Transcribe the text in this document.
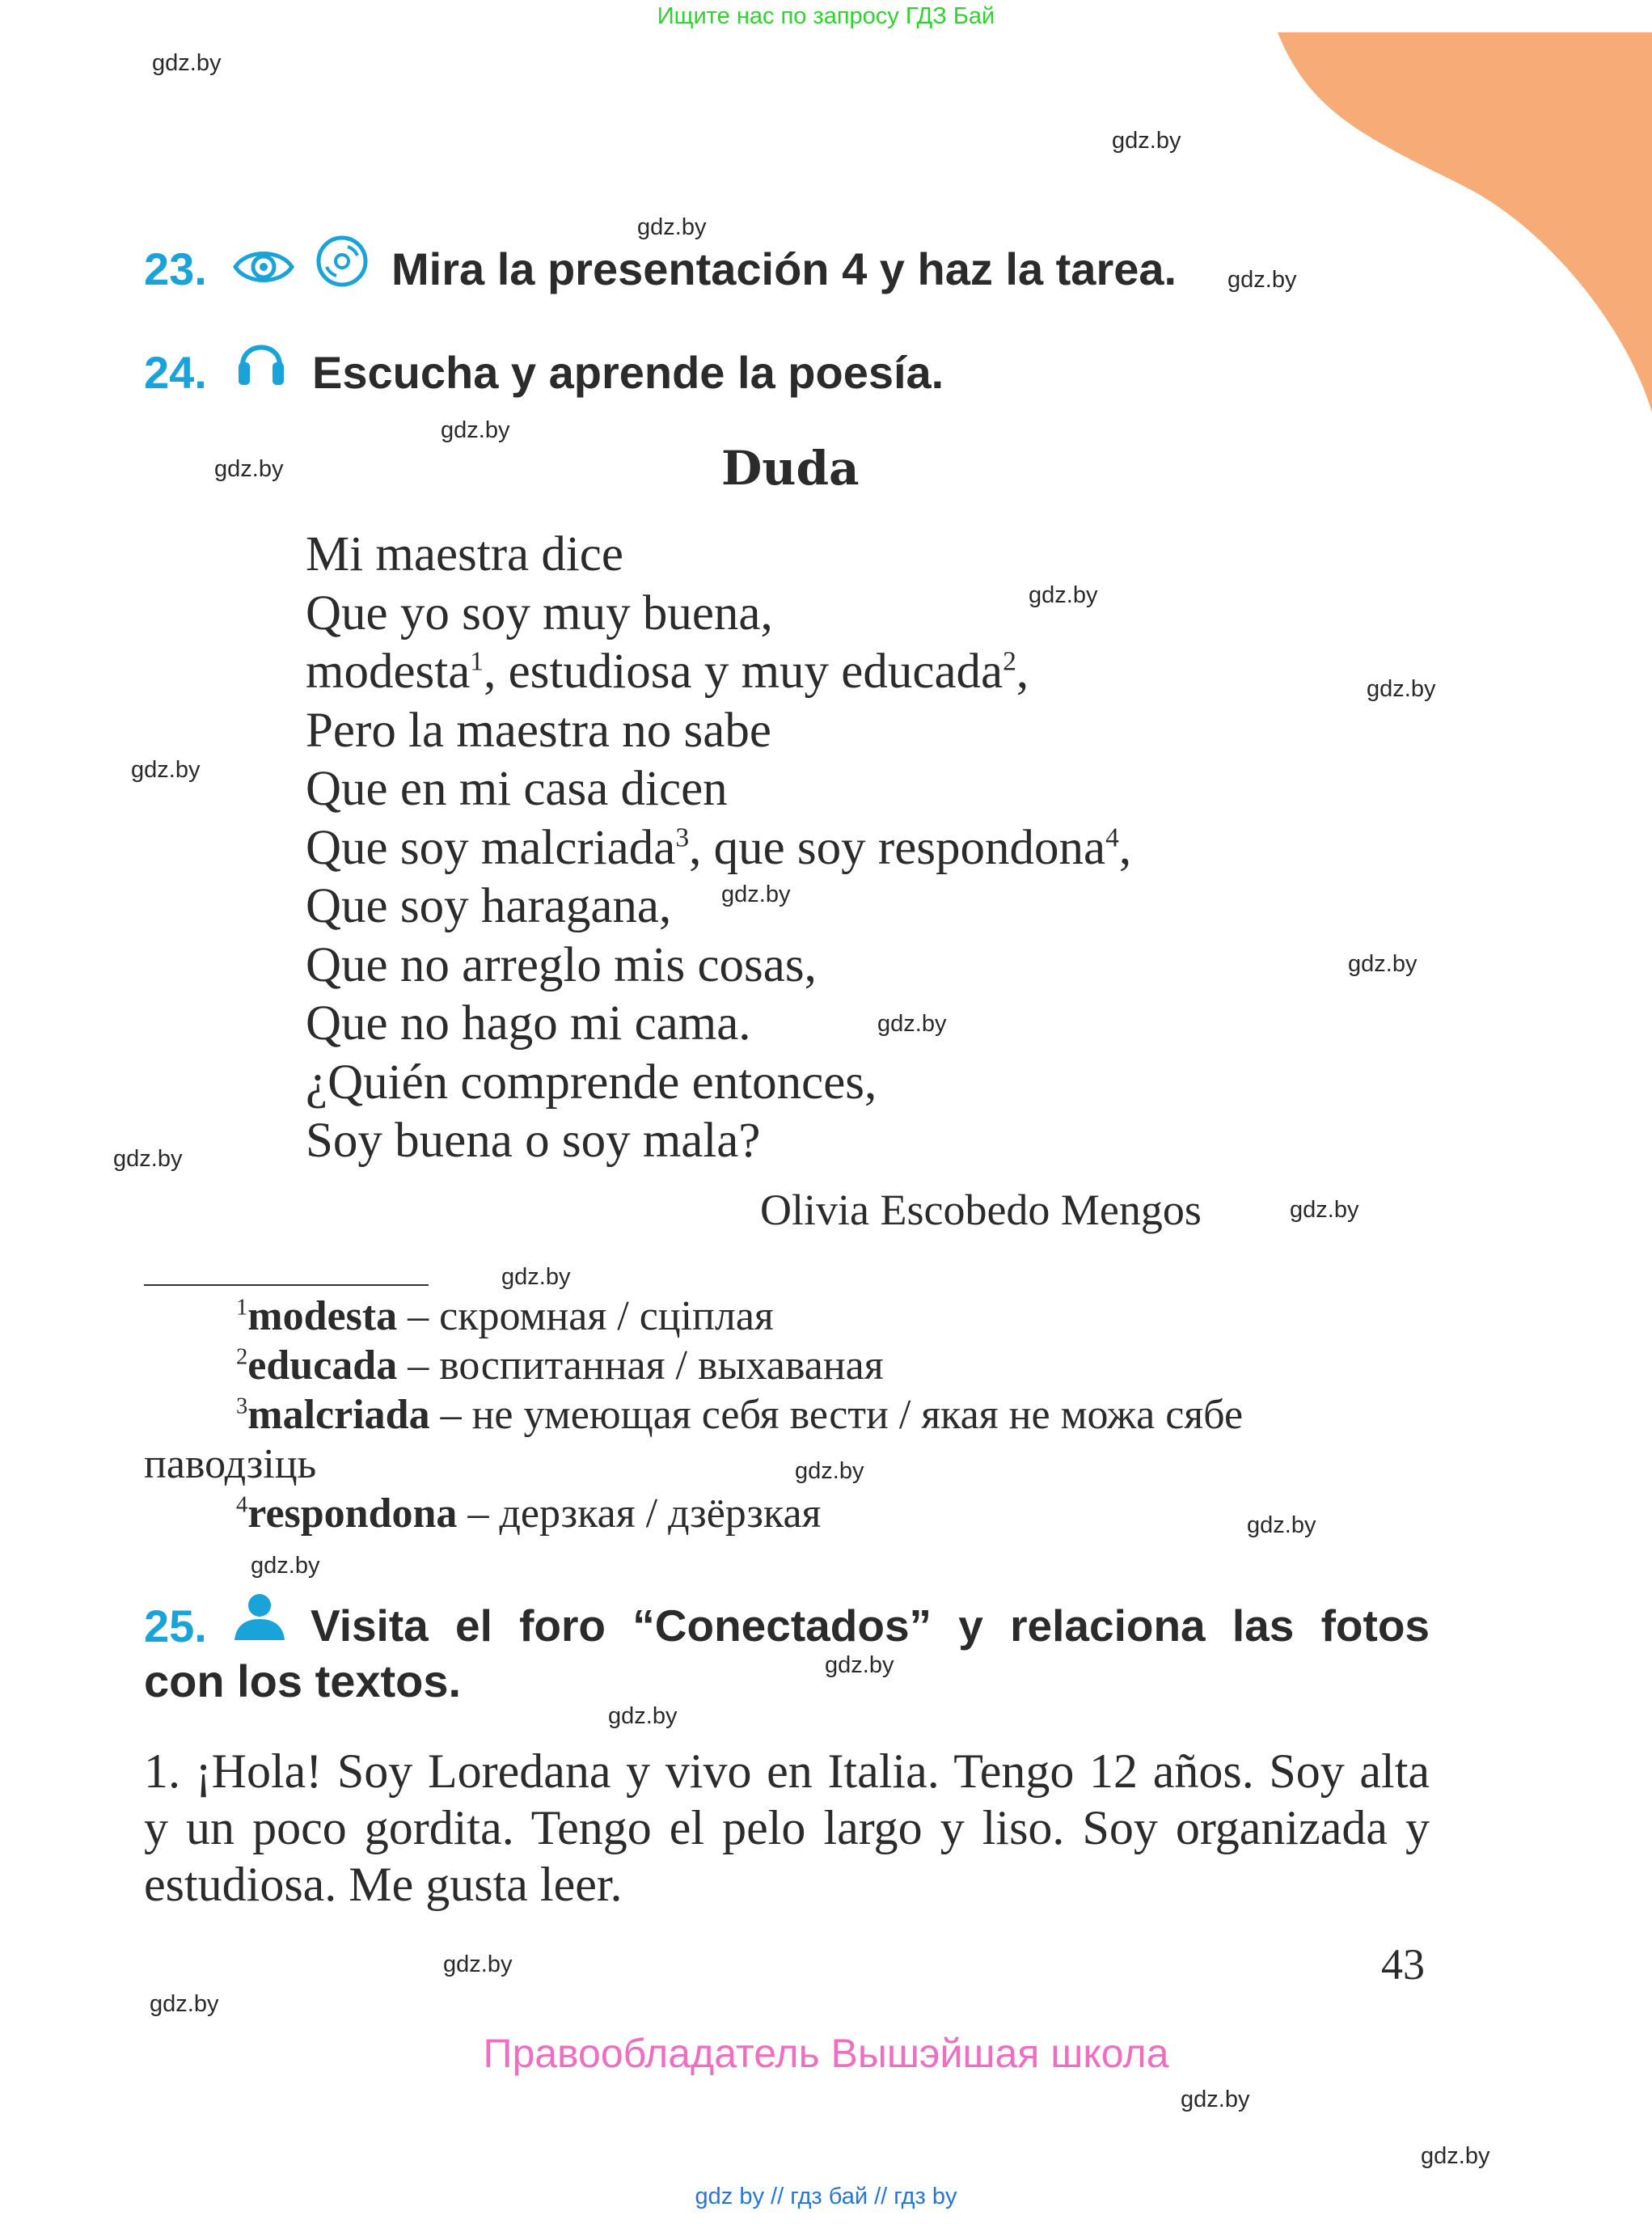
Ищите нас по запросу ГДЗ Бай
gdz.by
gdz.by
gdz.by
gdz.by
gdz.by
gdz.by
gdz.by
gdz.by
gdz.by
gdz.by
gdz.by
gdz.by
gdz.by
gdz.by
gdz.by
gdz.by
gdz.by
gdz.by
gdz.by
gdz.by
gdz.by
gdz.by
gdz.by
gdz.by
23.	Mira la presentación 4 y haz la tarea.
24. Escucha y aprende la poesía.
Duda
Mi maestra dice
Que yo soy muy buena,
modesta$^1$, estudiosa y muy educada$^2$,
Pero la maestra no sabe
Que en mi casa dicen
Que soy malcriada$^3$, que soy respondona$^4$,
Que soy haragana,
Que no arreglo mis cosas,
Que no hago mi cama.
¿Quién comprende entonces,
Soy buena o soy mala?
Olivia Escobedo Mengos
$^1$modesta – скромная / сціплая
$^2$educada – воспитанная / выхаваная
$^3$malcriada – не умеющая себя вести / якая не можа сябе
паводзіць
$^4$respondona – дерзкая / дзёрзкая
25. Visita el foro “Conectados” y relaciona las fotos
con los textos.
1. ¡Hola! Soy Loredana y vivo en Italia. Tengo 12 años. Soy alta y un poco gordita. Tengo el pelo largo y liso. Soy organizada y estudiosa. Me gusta leer.
43
Правообладатель Вышэйшая школа
gdz by // гдз бай // гдз by
